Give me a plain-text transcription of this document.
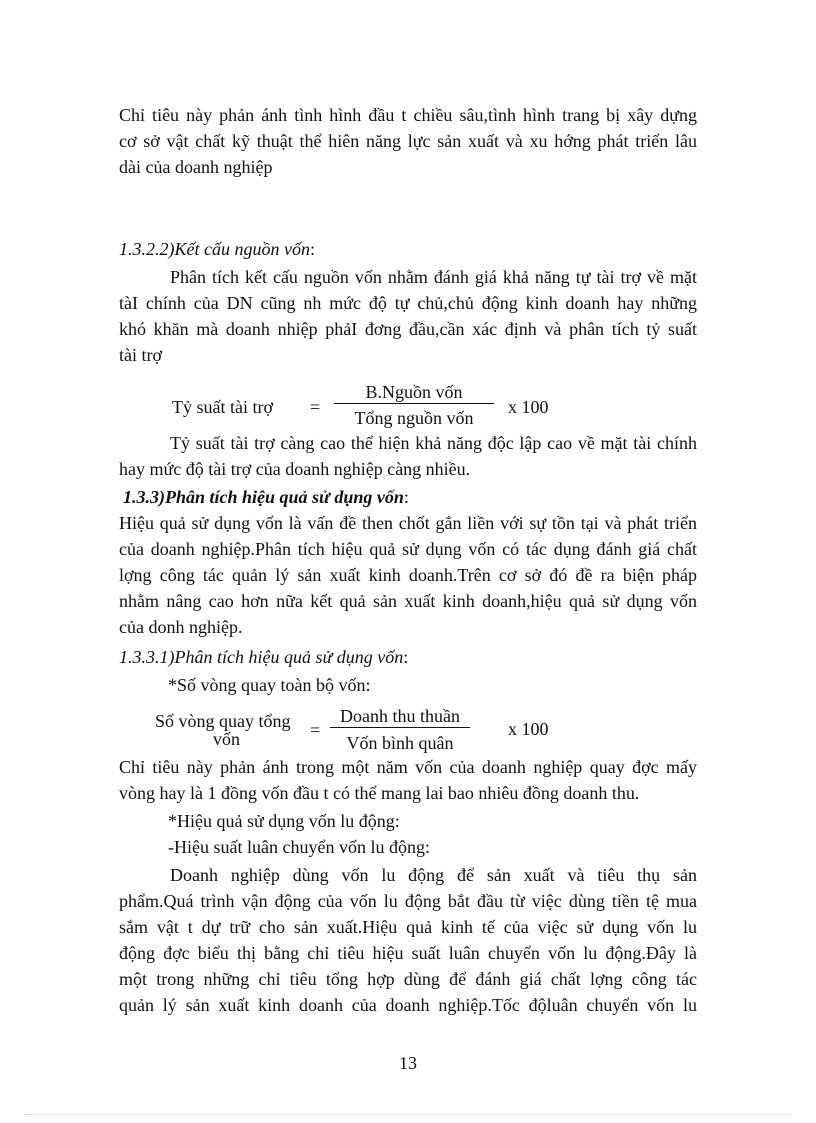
Chỉ tiêu này phản ánh tình hình đầu t chiều sâu,tình hình trang bị xây dựng
cơ sở vật chất kỹ thuật thể hiên năng lực sản xuất và xu hớng phát triển lâu
dài của doanh nghiệp
1.3.2.2)Kết cấu nguồn vốn:
Phân tích kết cấu nguồn vốn nhằm đánh giá khả năng tự tài trợ về mặt
tàI chính của DN cũng nh mức độ tự chủ,chủ động kinh doanh hay những
khó khăn mà doanh nhiệp phảI đơng đầu,cần xác định và phân tích tỷ suất
tài trợ
Tỷ suất tài trợ =
B.Nguồn vốn
Tổng nguồn vốn
x 100
Tỷ suất tài trợ càng cao thể hiện khả năng độc lập cao về mặt tài chính
hay mức độ tài trợ của doanh nghiệp càng nhiều.
1.3.3)Phân tích hiệu quả sử dụng vốn:
Hiệu quả sử dụng vốn là vấn đề then chốt gắn liền với sự tồn tại và phát triển
của doanh nghiệp.Phân tích hiệu quả sử dụng vốn có tác dụng đánh giá chất
lợng công tác quản lý sản xuất kinh doanh.Trên cơ sở đó đề ra biện pháp
nhằm nâng cao hơn nữa kết quả sản xuất kinh doanh,hiệu quả sử dụng vốn
của donh nghiệp.
1.3.3.1)Phân tích hiệu quả sử dụng vốn:
*Số vòng quay toàn bộ vốn:
Số vòng quay tổng
vốn	=
Doanh thu thuần
Vốn bình quân
x 100
Chỉ tiêu này phản ánh trong một năm vốn của doanh nghiệp quay đợc mấy
vòng hay là 1 đồng vốn đầu t có thể mang lai bao nhiêu đồng doanh thu.
*Hiệu quả sử dụng vốn lu động:
-Hiệu suất luân chuyển vốn lu động:
Doanh nghiệp dùng vốn lu động để sản xuất và tiêu thụ sản
phẩm.Quá trình vận động của vốn lu động bắt đầu từ việc dùng tiền tệ mua
sắm vật t dự trữ cho sản xuất.Hiệu quả kinh tế của việc sử dụng vốn lu
động đợc biểu thị bằng chỉ tiêu hiệu suất luân chuyển vốn lu động.Đây là
một trong những chỉ tiêu tổng hợp dùng để đánh giá chất lợng công tác
quản lý sản xuất kinh doanh của doanh nghiệp.Tốc độluân chuyển vốn lu
13
